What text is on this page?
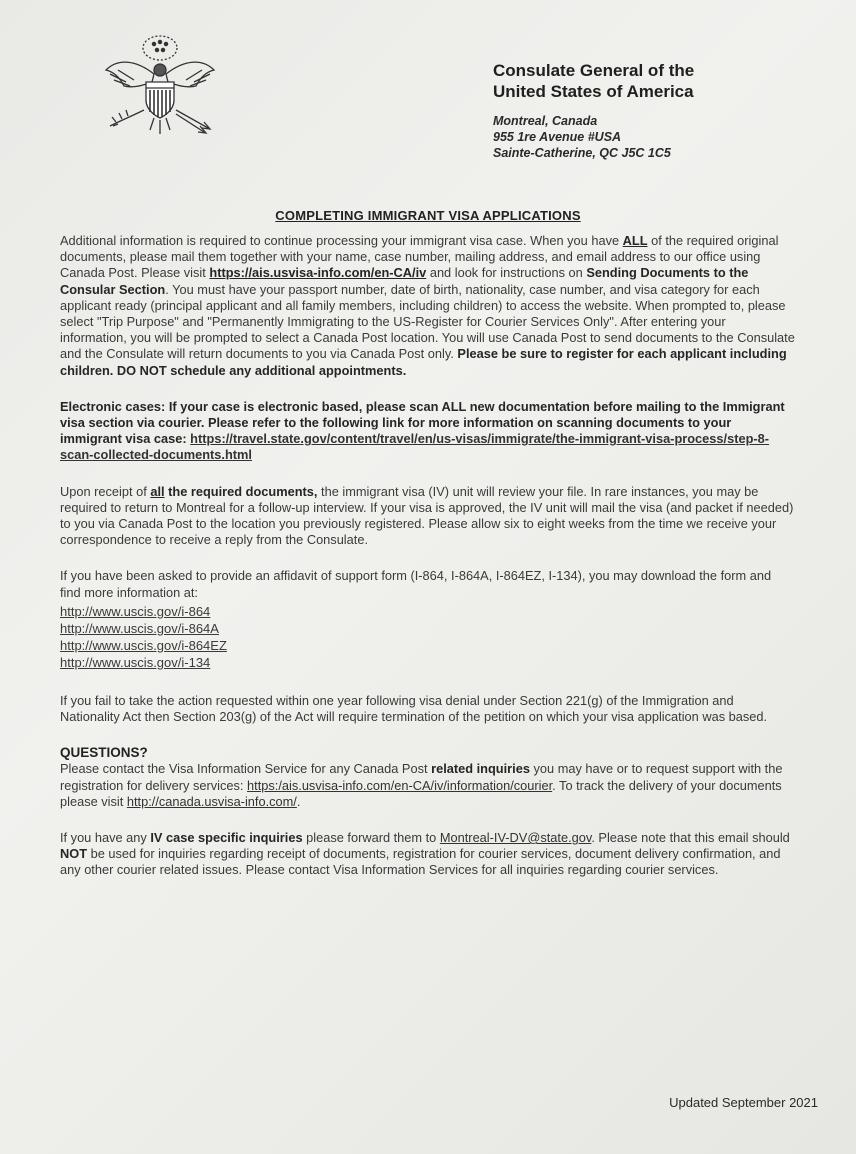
Consulate General of the
United States of America
Montreal, Canada
955 1re Avenue #USA
Sainte-Catherine, QC J5C 1C5
COMPLETING IMMIGRANT VISA APPLICATIONS

Additional information is required to continue processing your immigrant visa case. When you have ALL of the required original documents, please mail them together with your name, case number, mailing address, and email address to our office using Canada Post. Please visit https://ais.usvisa-info.com/en-CA/iv and look for instructions on Sending Documents to the Consular Section. You must have your passport number, date of birth, nationality, case number, and visa category for each applicant ready (principal applicant and all family members, including children) to access the website. When prompted to, please select "Trip Purpose" and "Permanently Immigrating to the US-Register for Courier Services Only". After entering your information, you will be prompted to select a Canada Post location. You will use Canada Post to send documents to the Consulate and the Consulate will return documents to you via Canada Post only. Please be sure to register for each applicant including children. DO NOT schedule any additional appointments.

Electronic cases: If your case is electronic based, please scan ALL new documentation before mailing to the Immigrant visa section via courier. Please refer to the following link for more information on scanning documents to your immigrant visa case: https://travel.state.gov/content/travel/en/us-visas/immigrate/the-immigrant-visa-process/step-8-scan-collected-documents.html

Upon receipt of all the required documents, the immigrant visa (IV) unit will review your file. In rare instances, you may be required to return to Montreal for a follow-up interview. If your visa is approved, the IV unit will mail the visa (and packet if needed) to you via Canada Post to the location you previously registered. Please allow six to eight weeks from the time we receive your correspondence to receive a reply from the Consulate.

If you have been asked to provide an affidavit of support form (I-864, I-864A, I-864EZ, I-134), you may download the form and find more information at:

http://www.uscis.gov/i-864
http://www.uscis.gov/i-864A
http://www.uscis.gov/i-864EZ
http://www.uscis.gov/i-134

If you fail to take the action requested within one year following visa denial under Section 221(g) of the Immigration and Nationality Act then Section 203(g) of the Act will require termination of the petition on which your visa application was based.

QUESTIONS?

Please contact the Visa Information Service for any Canada Post related inquiries you may have or to request support with the registration for delivery services: https:/ais.usvisa-info.com/en-CA/iv/information/courier. To track the delivery of your documents please visit http://canada.usvisa-info.com/.

If you have any IV case specific inquiries please forward them to Montreal-IV-DV@state.gov. Please note that this email should NOT be used for inquiries regarding receipt of documents, registration for courier services, document delivery confirmation, and any other courier related issues. Please contact Visa Information Services for all inquiries regarding courier services.

Updated September 2021
